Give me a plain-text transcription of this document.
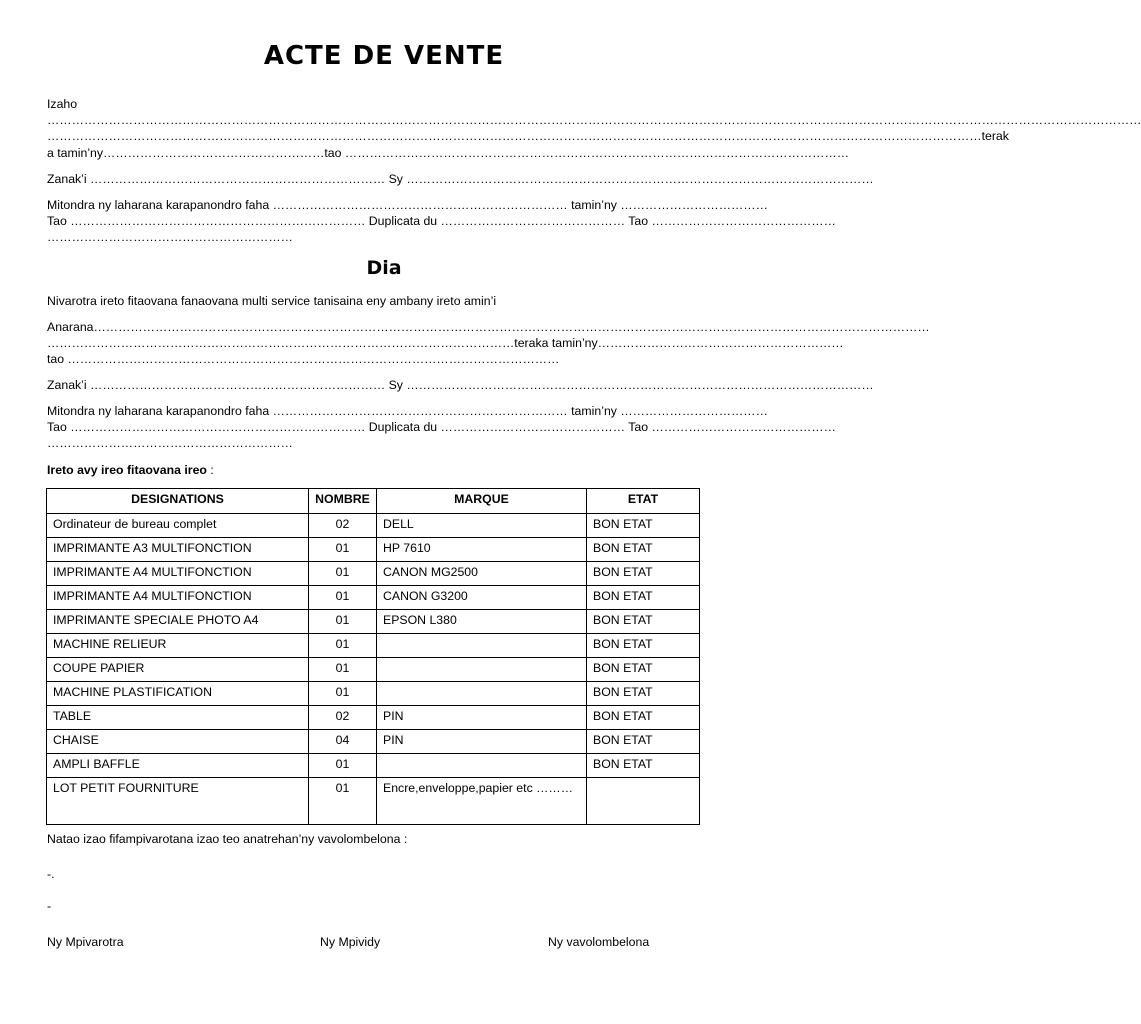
ACTE DE VENTE
Izaho
……………………………………………………………………………………………………………………………………………………………………………………………………………………………………………
…………………………………………………………………………………………………………………………………………………………………………………………………………terak
a tamin’ny………………………………………………tao ……………………………………………………………………………………………………………
Zanak’i ……………………………………………………………… Sy ……………………………………………………………………………………………………
Mitondra ny laharana karapanondro faha ……………………………………………………………… tamin’ny ………………………………
Tao ……………………………………………………………… Duplicata du ……………………………………… Tao ………………………………………
……………………………………………………
Dia
Nivarotra ireto fitaovana fanaovana multi service tanisaina eny ambany ireto amin’i
Anarana……………………………………………………………………………………………………………………………………………………………………………………
……………………………………………………………………………………………………teraka tamin’ny……………………………………………………
tao …………………………………………………………………………………………………………
Zanak’i ……………………………………………………………… Sy ……………………………………………………………………………………………………
Mitondra ny laharana karapanondro faha ……………………………………………………………… tamin’ny ………………………………
Tao ……………………………………………………………… Duplicata du ……………………………………… Tao ………………………………………
……………………………………………………
Ireto avy ireo fitaovana ireo :
DESIGNATIONS	NOMBRE	MARQUE	ETAT
Ordinateur de bureau complet	02	DELL	BON ETAT
IMPRIMANTE A3 MULTIFONCTION	01	HP 7610	BON ETAT
IMPRIMANTE A4 MULTIFONCTION	01	CANON MG2500	BON ETAT
IMPRIMANTE A4 MULTIFONCTION	01	CANON G3200	BON ETAT
IMPRIMANTE SPECIALE PHOTO A4	01	EPSON L380	BON ETAT
MACHINE RELIEUR	01		BON ETAT
COUPE PAPIER	01		BON ETAT
MACHINE PLASTIFICATION	01		BON ETAT
TABLE	02	PIN	BON ETAT
CHAISE	04	PIN	BON ETAT
AMPLI BAFFLE	01		BON ETAT
LOT PETIT FOURNITURE	01	Encre,enveloppe,papier etc ………	
Natao izao fifampivarotana izao teo anatrehan’ny vavolombelona :
-.
-
Ny Mpivarotra	Ny Mpividy	Ny vavolombelona
